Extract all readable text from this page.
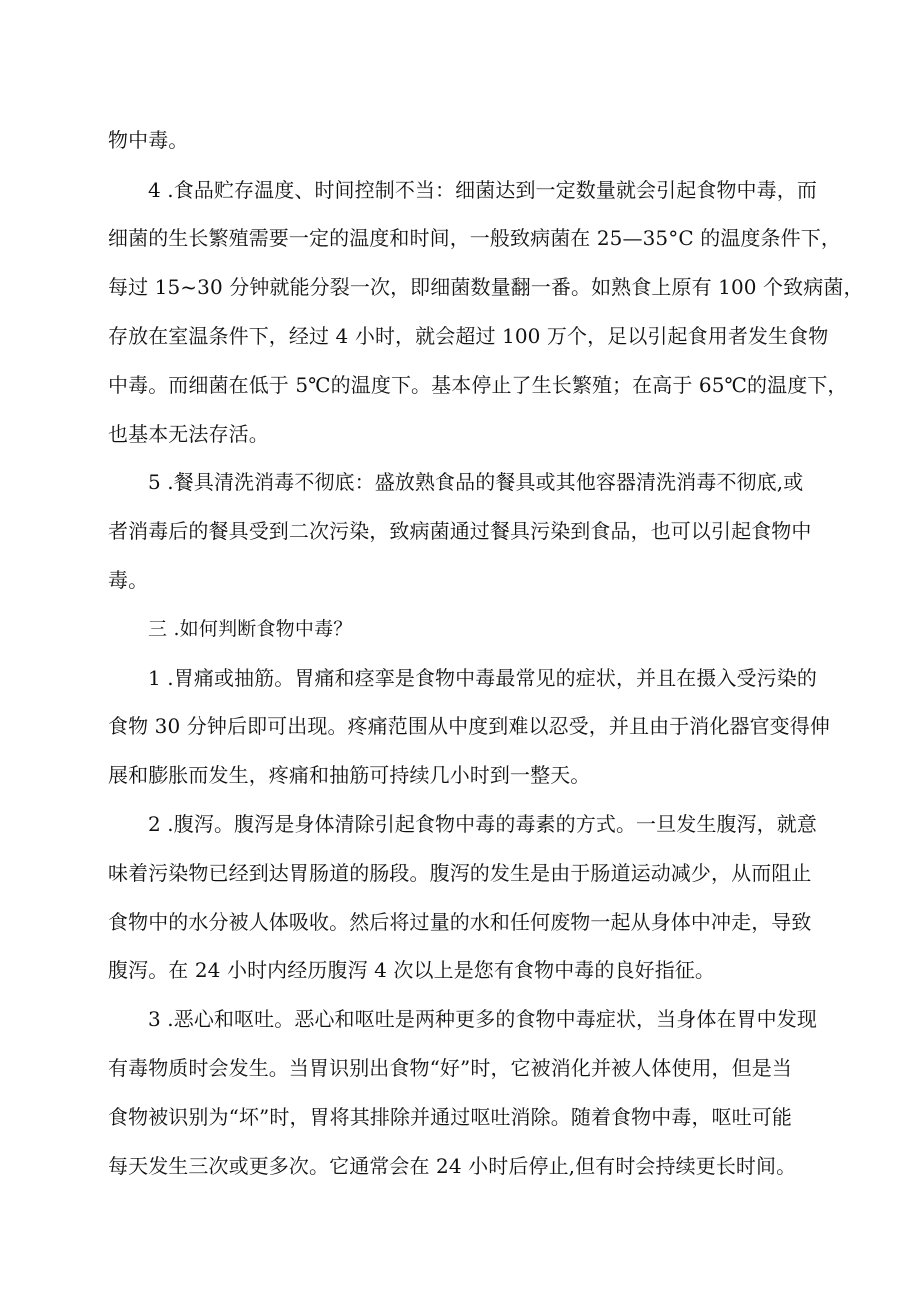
物中毒。
4 .食品贮存温度、时间控制不当：细菌达到一定数量就会引起食物中毒，而
细菌的生长繁殖需要一定的温度和时间，一般致病菌在 25—35°C 的温度条件下，
每过 15~30 分钟就能分裂一次，即细菌数量翻一番。如熟食上原有 100 个致病菌，
存放在室温条件下，经过 4 小时，就会超过 100 万个，足以引起食用者发生食物
中毒。而细菌在低于 5℃的温度下。基本停止了生长繁殖；在高于 65℃的温度下，
也基本无法存活。
5 .餐具清洗消毒不彻底：盛放熟食品的餐具或其他容器清洗消毒不彻底,或
者消毒后的餐具受到二次污染，致病菌通过餐具污染到食品，也可以引起食物中
毒。
三 .如何判断食物中毒？
1 .胃痛或抽筋。胃痛和痉挛是食物中毒最常见的症状，并且在摄入受污染的
食物 30 分钟后即可出现。疼痛范围从中度到难以忍受，并且由于消化器官变得伸
展和膨胀而发生，疼痛和抽筋可持续几小时到一整天。
2 .腹泻。腹泻是身体清除引起食物中毒的毒素的方式。一旦发生腹泻，就意
味着污染物已经到达胃肠道的肠段。腹泻的发生是由于肠道运动减少，从而阻止
食物中的水分被人体吸收。然后将过量的水和任何废物一起从身体中冲走，导致
腹泻。在 24 小时内经历腹泻 4 次以上是您有食物中毒的良好指征。
3 .恶心和呕吐。恶心和呕吐是两种更多的食物中毒症状，当身体在胃中发现
有毒物质时会发生。当胃识别出食物“好”时，它被消化并被人体使用，但是当
食物被识别为“坏”时，胃将其排除并通过呕吐消除。随着食物中毒，呕吐可能
每天发生三次或更多次。它通常会在 24 小时后停止,但有时会持续更长时间。
